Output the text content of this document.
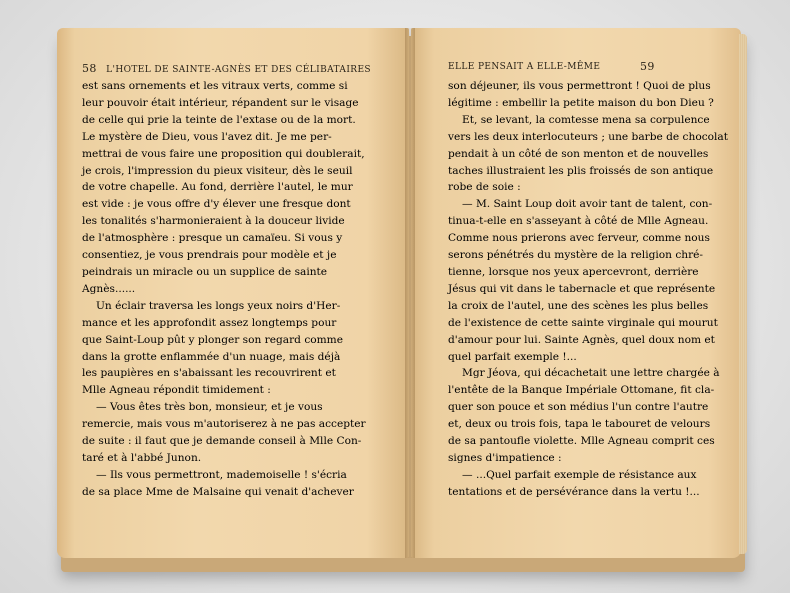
58 L'HOTEL DE SAINTE-AGNÈS ET DES CÉLIBATAIRES
est sans ornements et les vitraux verts, comme si
leur pouvoir était intérieur, répandent sur le visage
de celle qui prie la teinte de l'extase ou de la mort.
Le mystère de Dieu, vous l'avez dit. Je me per-
mettrai de vous faire une proposition qui doublerait,
je crois, l'impression du pieux visiteur, dès le seuil
de votre chapelle. Au fond, derrière l'autel, le mur
est vide : je vous offre d'y élever une fresque dont
les tonalités s'harmonieraient à la douceur livide
de l'atmosphère : presque un camaïeu. Si vous y
consentiez, je vous prendrais pour modèle et je
peindrais un miracle ou un supplice de sainte
Agnès......
Un éclair traversa les longs yeux noirs d'Her-
mance et les approfondit assez longtemps pour
que Saint-Loup pût y plonger son regard comme
dans la grotte enflammée d'un nuage, mais déjà
les paupières en s'abaissant les recouvrirent et
Mlle Agneau répondit timidement :
— Vous êtes très bon, monsieur, et je vous
remercie, mais vous m'autoriserez à ne pas accepter
de suite : il faut que je demande conseil à Mlle Con-
taré et à l'abbé Junon.
— Ils vous permettront, mademoiselle ! s'écria
de sa place Mme de Malsaine qui venait d'achever
ELLE PENSAIT A ELLE-MÊME	59
son déjeuner, ils vous permettront ! Quoi de plus
légitime : embellir la petite maison du bon Dieu ?
Et, se levant, la comtesse mena sa corpulence
vers les deux interlocuteurs ; une barbe de chocolat
pendait à un côté de son menton et de nouvelles
taches illustraient les plis froissés de son antique
robe de soie :
— M. Saint Loup doit avoir tant de talent, con-
tinua-t-elle en s'asseyant à côté de Mlle Agneau.
Comme nous prierons avec ferveur, comme nous
serons pénétrés du mystère de la religion chré-
tienne, lorsque nos yeux apercevront, derrière
Jésus qui vit dans le tabernacle et que représente
la croix de l'autel, une des scènes les plus belles
de l'existence de cette sainte virginale qui mourut
d'amour pour lui. Sainte Agnès, quel doux nom et
quel parfait exemple !...
Mgr Jéova, qui décachetait une lettre chargée à
l'entête de la Banque Impériale Ottomane, fit cla-
quer son pouce et son médius l'un contre l'autre
et, deux ou trois fois, tapa le tabouret de velours
de sa pantoufle violette. Mlle Agneau comprit ces
signes d'impatience :
— ...Quel parfait exemple de résistance aux
tentations et de persévérance dans la vertu !...
